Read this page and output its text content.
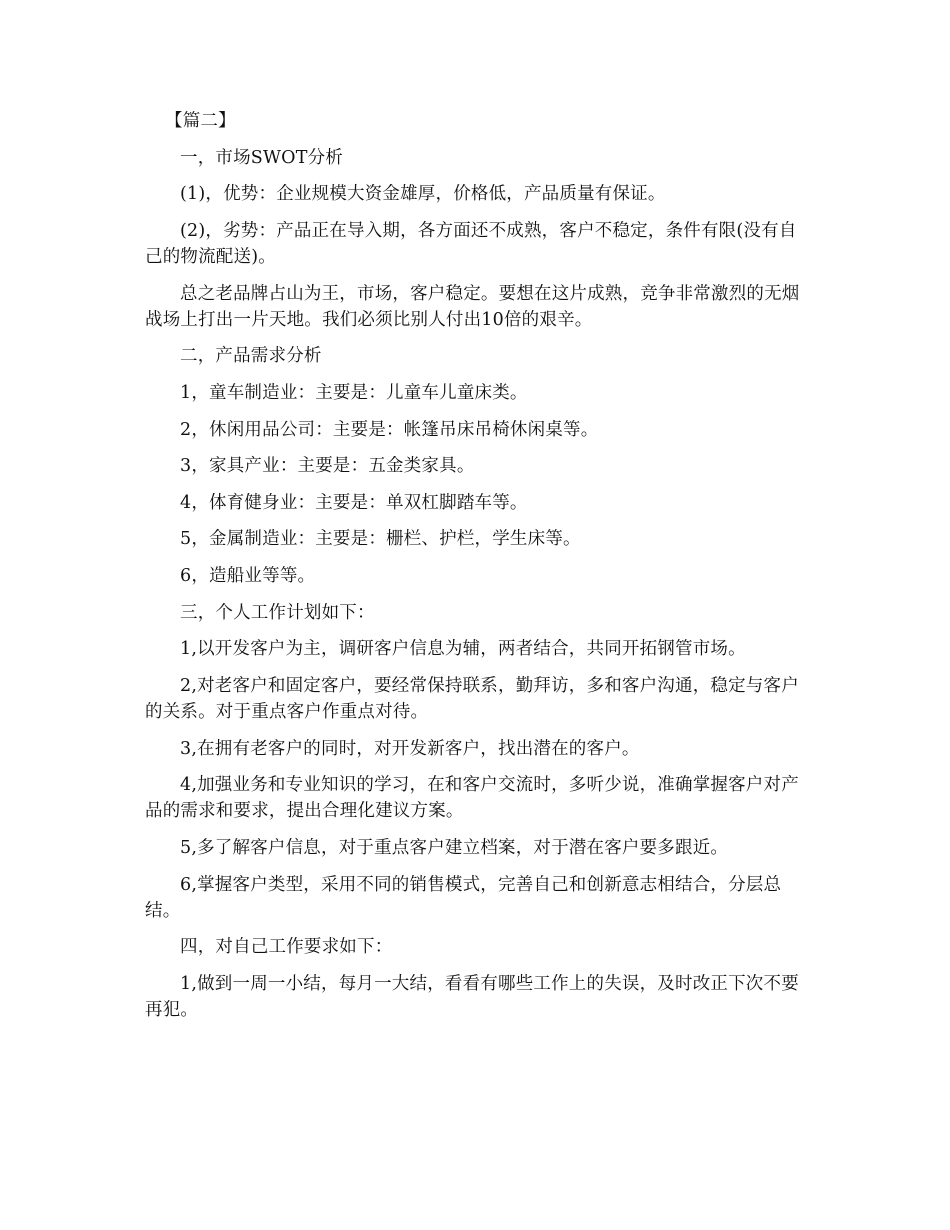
【篇二】

一，市场SWOT分析

(1)，优势：企业规模大资金雄厚，价格低，产品质量有保证。

(2)，劣势：产品正在导入期，各方面还不成熟，客户不稳定，条件有限(没有自己的物流配送)。

总之老品牌占山为王，市场，客户稳定。要想在这片成熟，竞争非常激烈的无烟战场上打出一片天地。我们必须比别人付出10倍的艰辛。

二，产品需求分析

1，童车制造业：主要是：儿童车儿童床类。

2，休闲用品公司：主要是：帐篷吊床吊椅休闲桌等。

3，家具产业：主要是：五金类家具。

4，体育健身业：主要是：单双杠脚踏车等。

5，金属制造业：主要是：栅栏、护栏，学生床等。

6，造船业等等。

三，个人工作计划如下：

1,以开发客户为主，调研客户信息为辅，两者结合，共同开拓钢管市场。

2,对老客户和固定客户，要经常保持联系，勤拜访，多和客户沟通，稳定与客户的关系。对于重点客户作重点对待。

3,在拥有老客户的同时，对开发新客户，找出潜在的客户。

4,加强业务和专业知识的学习，在和客户交流时，多听少说，准确掌握客户对产品的需求和要求，提出合理化建议方案。

5,多了解客户信息，对于重点客户建立档案，对于潜在客户要多跟近。

6,掌握客户类型，采用不同的销售模式，完善自己和创新意志相结合，分层总结。

四，对自己工作要求如下：

1,做到一周一小结，每月一大结，看看有哪些工作上的失误，及时改正下次不要再犯。
